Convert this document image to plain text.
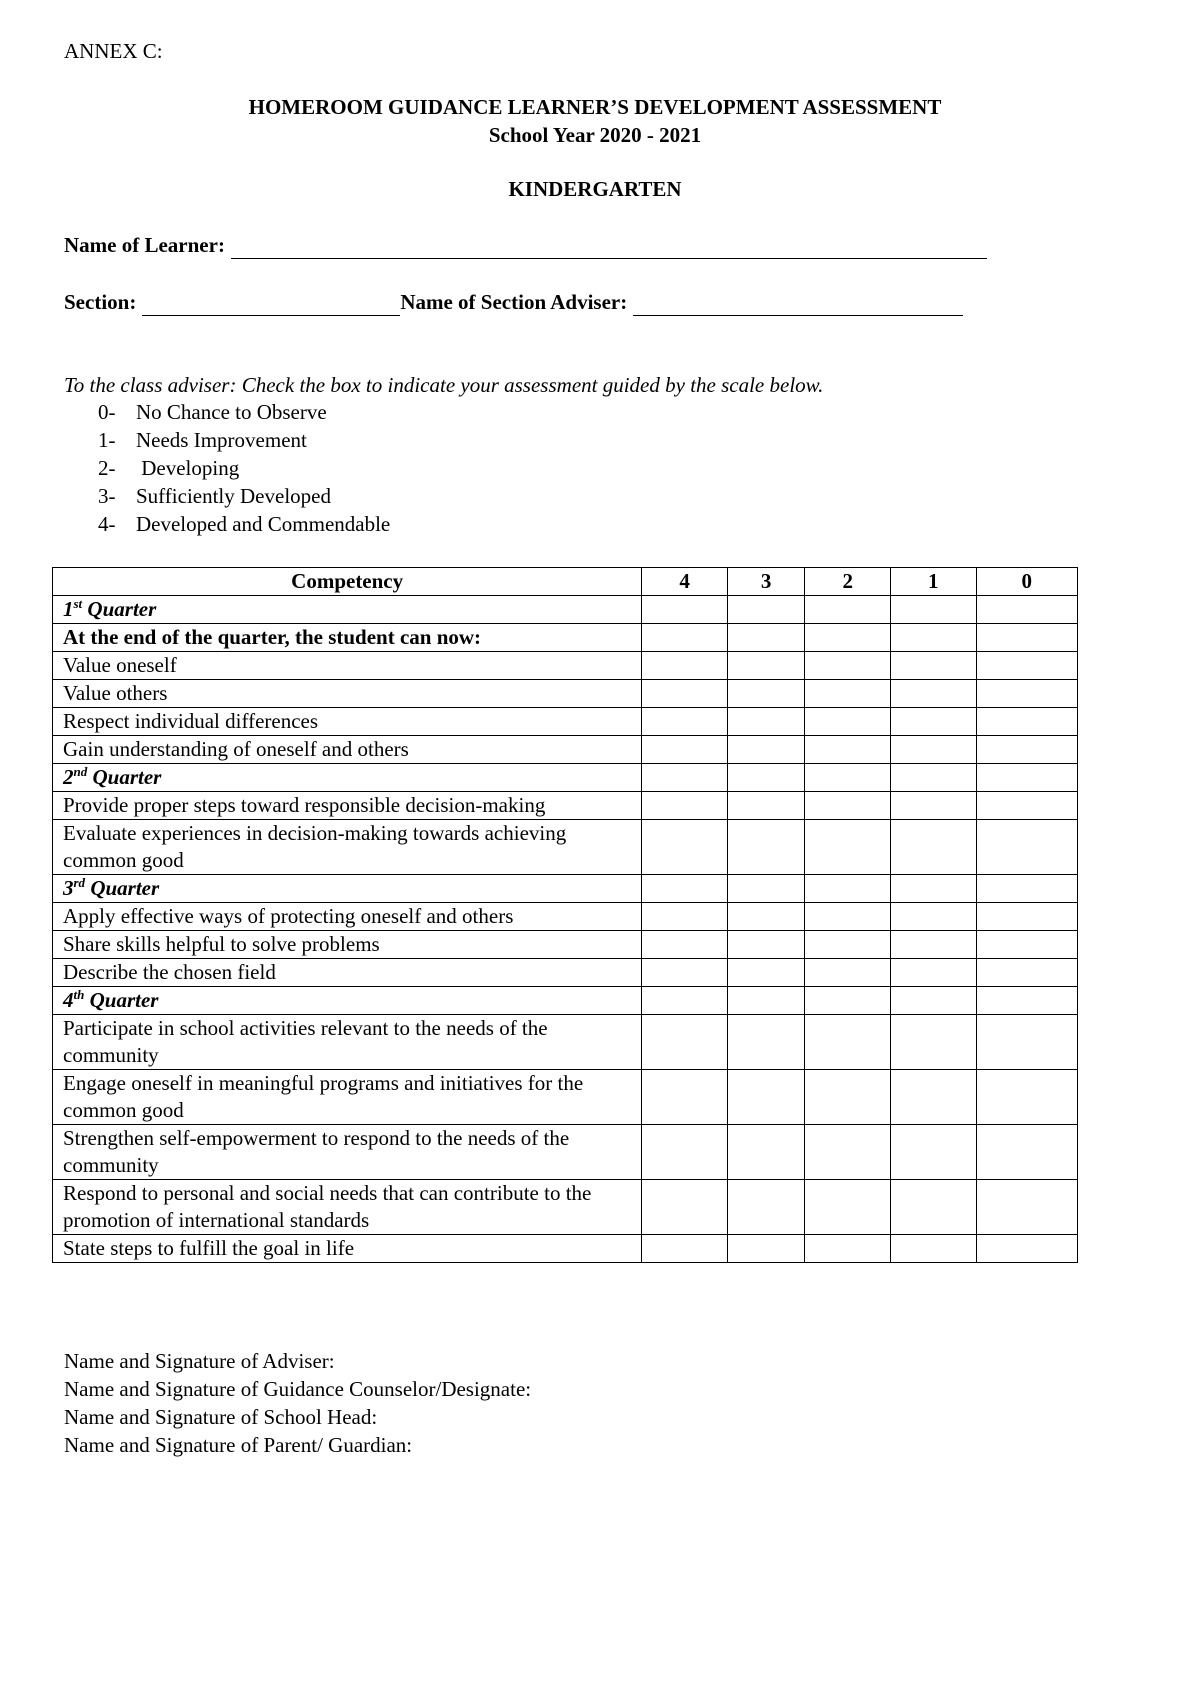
ANNEX C:
HOMEROOM GUIDANCE LEARNER’S DEVELOPMENT ASSESSMENT
School Year 2020 - 2021
KINDERGARTEN
Name of Learner:
Section:	Name of Section Adviser:
To the class adviser: Check the box to indicate your assessment guided by the scale below.
0- No Chance to Observe
1- Needs Improvement
2- Developing
3- Sufficiently Developed
4- Developed and Commendable
Competency	4	3	2	1	0
1st Quarter					
At the end of the quarter, the student can now:					
Value oneself					
Value others					
Respect individual differences					
Gain understanding of oneself and others					
2nd Quarter					
Provide proper steps toward responsible decision-making					
Evaluate experiences in decision-making towards achieving common good					
3rd Quarter					
Apply effective ways of protecting oneself and others					
Share skills helpful to solve problems					
Describe the chosen field					
4th Quarter					
Participate in school activities relevant to the needs of the community					
Engage oneself in meaningful programs and initiatives for the common good					
Strengthen self-empowerment to respond to the needs of the community					
Respond to personal and social needs that can contribute to the promotion of international standards					
State steps to fulfill the goal in life					
Name and Signature of Adviser:
Name and Signature of Guidance Counselor/Designate:
Name and Signature of School Head:
Name and Signature of Parent/ Guardian:
